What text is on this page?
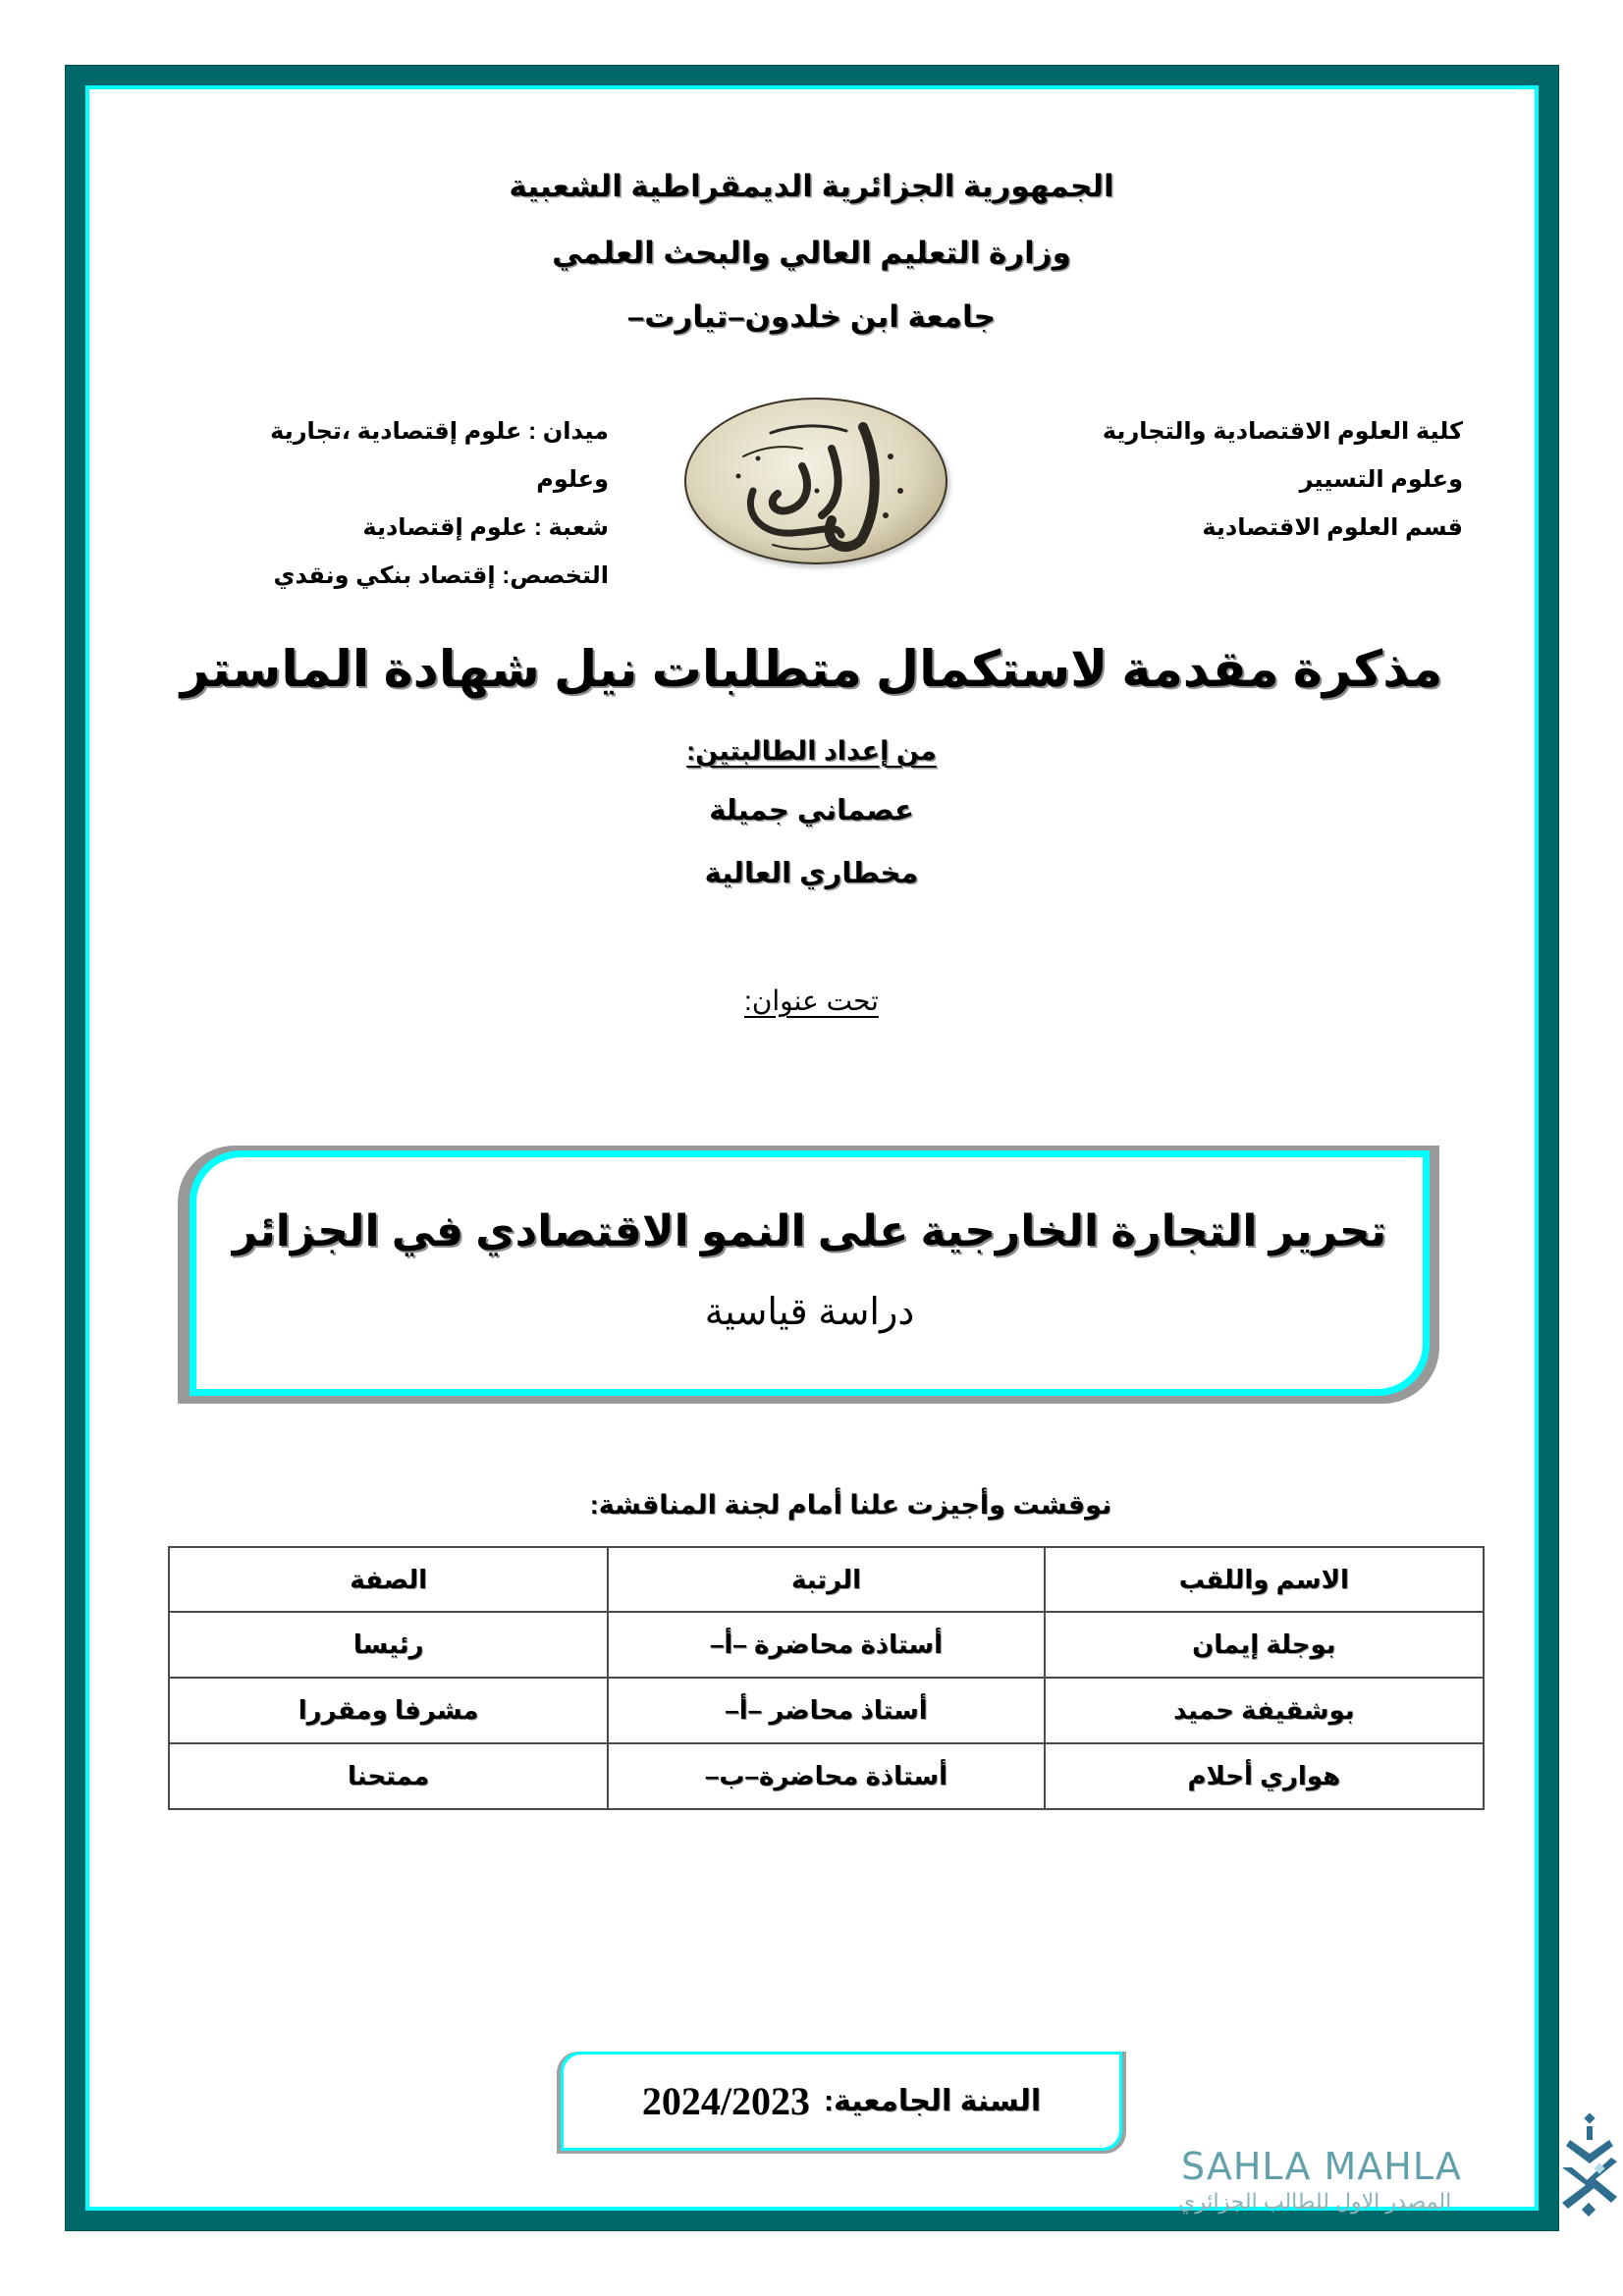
الجمهورية الجزائرية الديمقراطية الشعبية
وزارة التعليم العالي والبحث العلمي
جامعة ابن خلدون–تيارت–
كلية العلوم الاقتصادية والتجارية
وعلوم التسيير
قسم العلوم الاقتصادية
ميدان : علوم إقتصادية ،تجارية وعلوم
شعبة : علوم إقتصادية
التخصص: إقتصاد بنكي ونقدي
مذكرة مقدمة لاستكمال متطلبات نيل شهادة الماستر
من إعداد الطالبتين:
عصماني جميلة
مخطاري العالية
تحت عنوان:
تحرير التجارة الخارجية على النمو الاقتصادي في الجزائر
دراسة قياسية
نوقشت وأجيزت علنا أمام لجنة المناقشة:
الاسم واللقب	الرتبة	الصفة
بوجلة إيمان	أستاذة محاضرة –أ–	رئيسا
بوشقيفة حميد	أستاذ محاضر –أ–	مشرفا ومقررا
هواري أحلام	أستاذة محاضرة–ب–	ممتحنا
السنة الجامعية:
2024/2023
SAHLA MAHLA
المصدر الاول للطالب الجزائري
